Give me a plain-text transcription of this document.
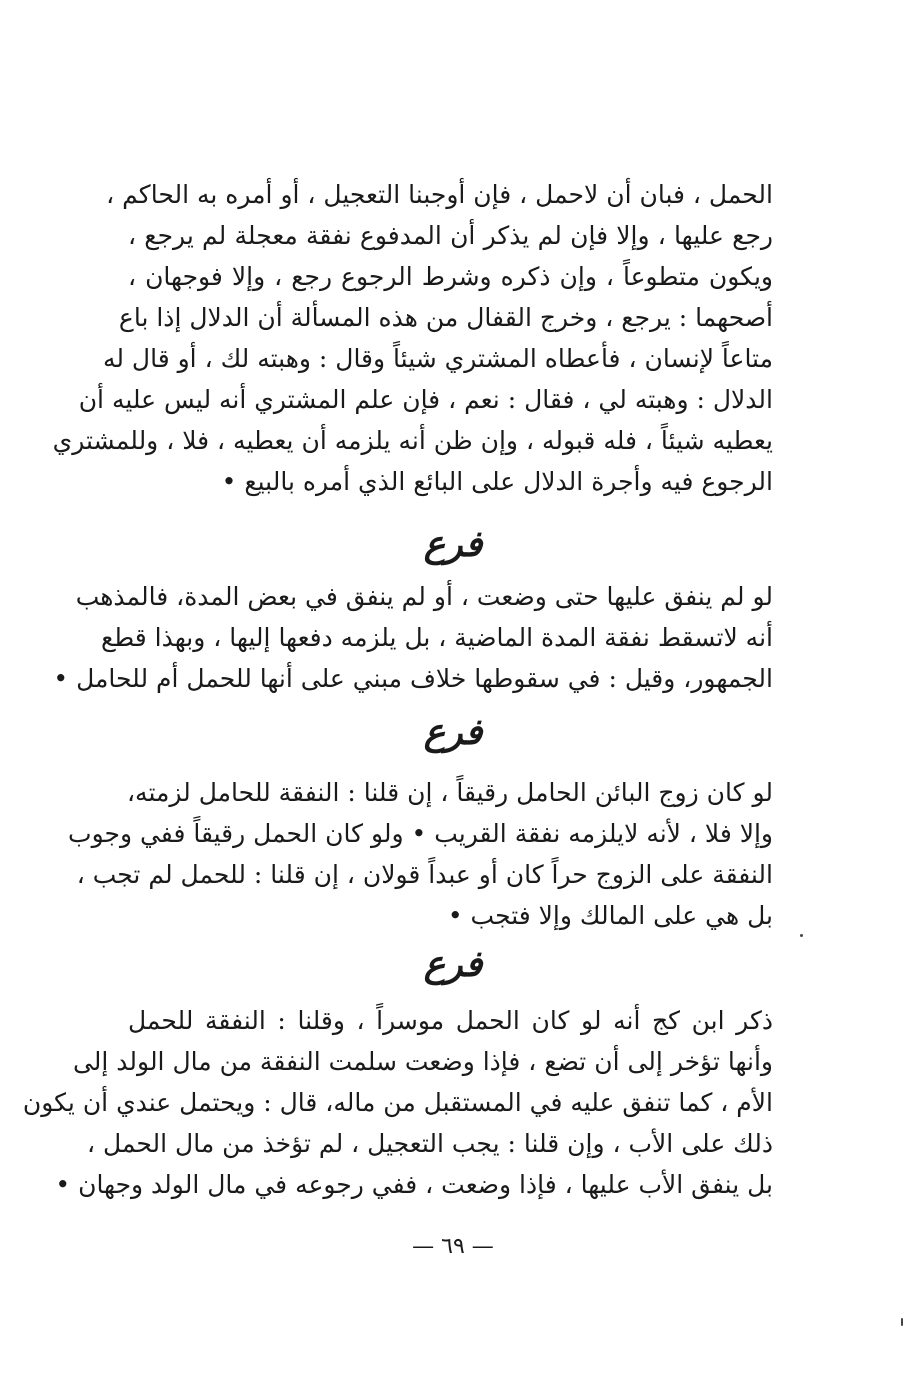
الحمل ، فبان أن لاحمل ، فإن أوجبنا التعجيل ، أو أمره به الحاكم ،
رجع عليها ، وإلا فإن لم يذكر أن المدفوع نفقة معجلة لم يرجع ،
ويكون متطوعاً ، وإن ذكره وشرط الرجوع رجع ، وإلا فوجهان ،
أصحهما : يرجع ، وخرج القفال من هذه المسألة أن الدلال إذا باع
متاعاً لإنسان ، فأعطاه المشتري شيئاً وقال : وهبته لك ، أو قال له
الدلال : وهبته لي ، فقال : نعم ، فإن علم المشتري أنه ليس عليه أن
يعطيه شيئاً ، فله قبوله ، وإن ظن أنه يلزمه أن يعطيه ، فلا ، وللمشتري
الرجوع فيه وأجرة الدلال على البائع الذي أمره بالبيع •
فرع
لو لم ينفق عليها حتى وضعت ، أو لم ينفق في بعض المدة، فالمذهب
أنه لاتسقط نفقة المدة الماضية ، بل يلزمه دفعها إليها ، وبهذا قطع
الجمهور، وقيل : في سقوطها خلاف مبني على أنها للحمل أم للحامل •
فرع
لو كان زوج البائن الحامل رقيقاً ، إن قلنا : النفقة للحامل لزمته،
وإلا فلا ، لأنه لايلزمه نفقة القريب • ولو كان الحمل رقيقاً ففي وجوب
النفقة على الزوج حراً كان أو عبداً قولان ، إن قلنا : للحمل لم تجب ،
بل هي على المالك وإلا فتجب •
فرع
ذكر ابن كج أنه لو كان الحمل موسراً ، وقلنا : النفقة للحمل
وأنها تؤخر إلى أن تضع ، فإذا وضعت سلمت النفقة من مال الولد إلى
الأم ، كما تنفق عليه في المستقبل من ماله، قال : ويحتمل عندي أن يكون
ذلك على الأب ، وإن قلنا : يجب التعجيل ، لم تؤخذ من مال الحمل ،
بل ينفق الأب عليها ، فإذا وضعت ، ففي رجوعه في مال الولد وجهان •
— ٦٩ —
